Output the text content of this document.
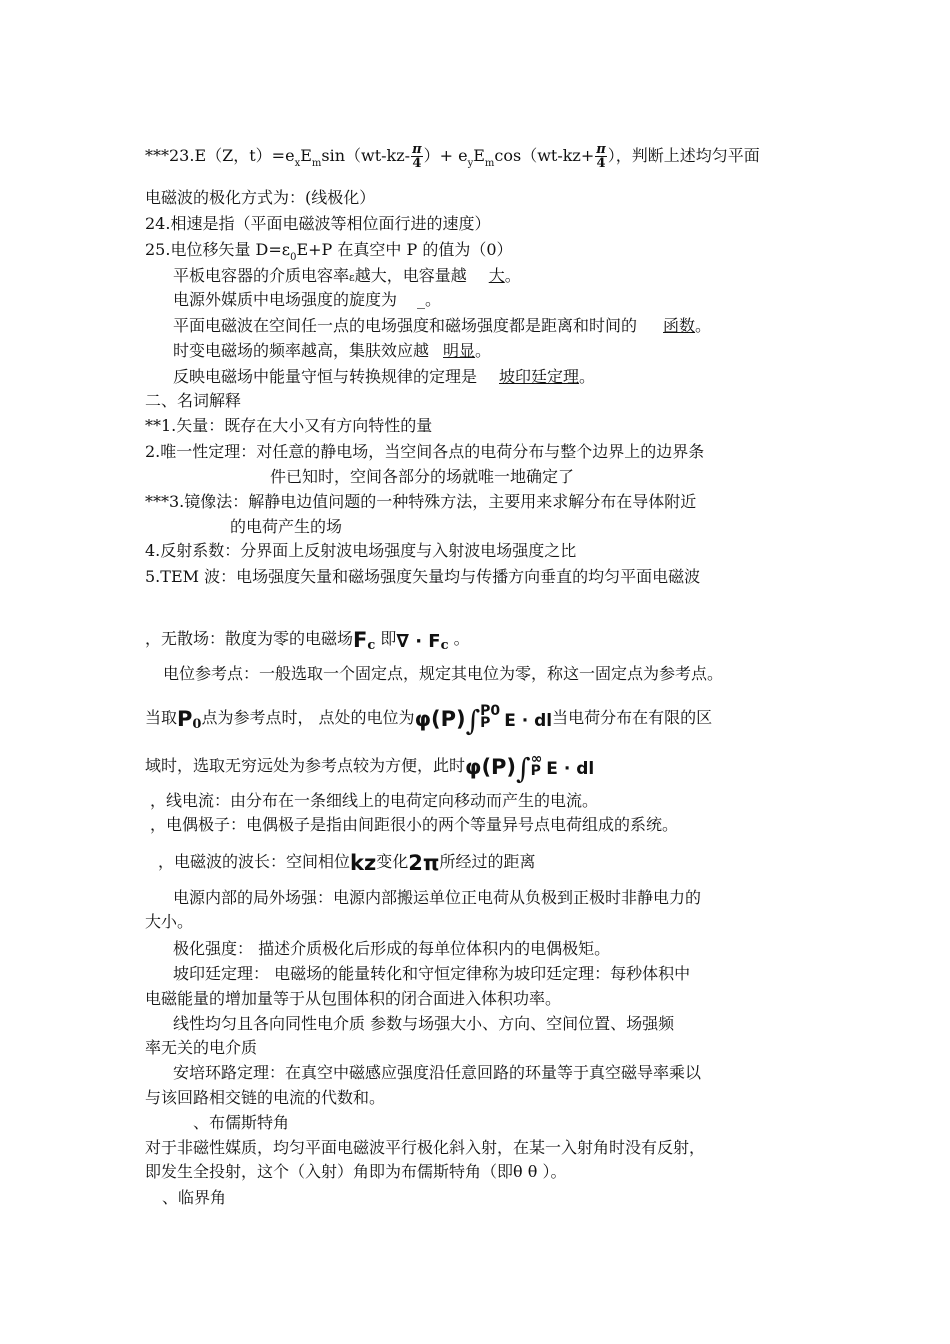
***23.E（Z，$t)=e_xE_m\sin(wt-kz- \frac{\pi}{4}$ ）+ $e_yE_m\cos(wt-kz+ \frac{\pi}{4}$ ），判断上述均匀平面
电磁波的极化方式为：(线极化）
24.相速是指（平面电磁波等相位面行进的速度）
25.电位移矢量 $D=\varepsilon_0E+P$ 在真空中 P 的值为（0）
平板电容器的介质电容率ε越大，电容量越 大。
电源外媒质中电场强度的旋度为 _。
平面电磁波在空间任一点的电场强度和磁场强度都是距离和时间的 函数。
时变电磁场的频率越高，集肤效应越 明显。
反映电磁场中能量守恒与转换规律的定理是 坡印廷定理。
二、名词解释
**1.矢量：既存在大小又有方向特性的量
2.唯一性定理：对任意的静电场，当空间各点的电荷分布与整个边界上的边界条
件已知时，空间各部分的场就唯一地确定了
***3.镜像法：解静电边值问题的一种特殊方法，主要用来求解分布在导体附近
的电荷产生的场
4.反射系数：分界面上反射波电场强度与入射波电场强度之比
5.TEM 波：电场强度矢量和磁场强度矢量均与传播方向垂直的均匀平面电磁波
，无散场：散度为零的电磁场$F_c$ 即∇ · $F_c$ 。
电位参考点：一般选取一个固定点，规定其电位为零，称这一固定点为参考点。
当取$P_0$点为参考点时， 点处的电位为φ(P)∫ P0
P E · dl当电荷分布在有限的区
域时，选取无穷远处为参考点较为方便，此时φ(P)∫ ∞
P E · dl
，线电流：由分布在一条细线上的电荷定向移动而产生的电流。
，电偶极子：电偶极子是指由间距很小的两个等量异号点电荷组成的系统。
，电磁波的波长：空间相位kz变化2π所经过的距离
电源内部的局外场强：电源内部搬运单位正电荷从负极到正极时非静电力的
大小。
极化强度： 描述介质极化后形成的每单位体积内的电偶极矩。
坡印廷定理： 电磁场的能量转化和守恒定律称为坡印廷定理：每秒体积中
电磁能量的增加量等于从包围体积的闭合面进入体积功率。
线性均匀且各向同性电介质 参数与场强大小、方向、空间位置、场强频
率无关的电介质
安培环路定理：在真空中磁感应强度沿任意回路的环量等于真空磁导率乘以
与该回路相交链的电流的代数和。
、布儒斯特角
对于非磁性媒质，均匀平面电磁波平行极化斜入射，在某一入射角时没有反射，
即发生全投射，这个（入射）角即为布儒斯特角（即θ θ ）。
、临界角
